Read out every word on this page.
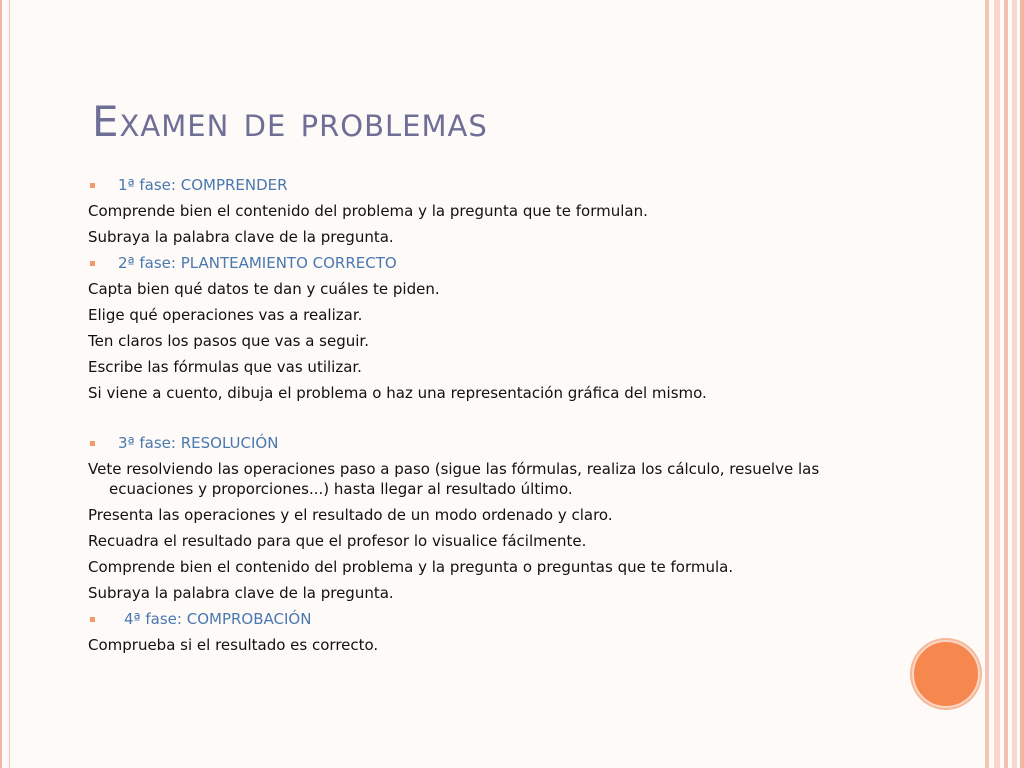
Examen de problemas
1ª fase: COMPRENDER
Comprende bien el contenido del problema y la pregunta que te formulan.
Subraya la palabra clave de la pregunta.
2ª fase: PLANTEAMIENTO CORRECTO
Capta bien qué datos te dan y cuáles te piden.
Elige qué operaciones vas a realizar.
Ten claros los pasos que vas a seguir.
Escribe las fórmulas que vas utilizar.
Si viene a cuento, dibuja el problema o haz una representación gráfica del mismo.
3ª fase: RESOLUCIÓN
Vete resolviendo las operaciones paso a paso (sigue las fórmulas, realiza los cálculo, resuelve las
ecuaciones y proporciones...) hasta llegar al resultado último.
Presenta las operaciones y el resultado de un modo ordenado y claro.
Recuadra el resultado para que el profesor lo visualice fácilmente.
Comprende bien el contenido del problema y la pregunta o preguntas que te formula.
Subraya la palabra clave de la pregunta.
4ª fase: COMPROBACIÓN
Comprueba si el resultado es correcto.
